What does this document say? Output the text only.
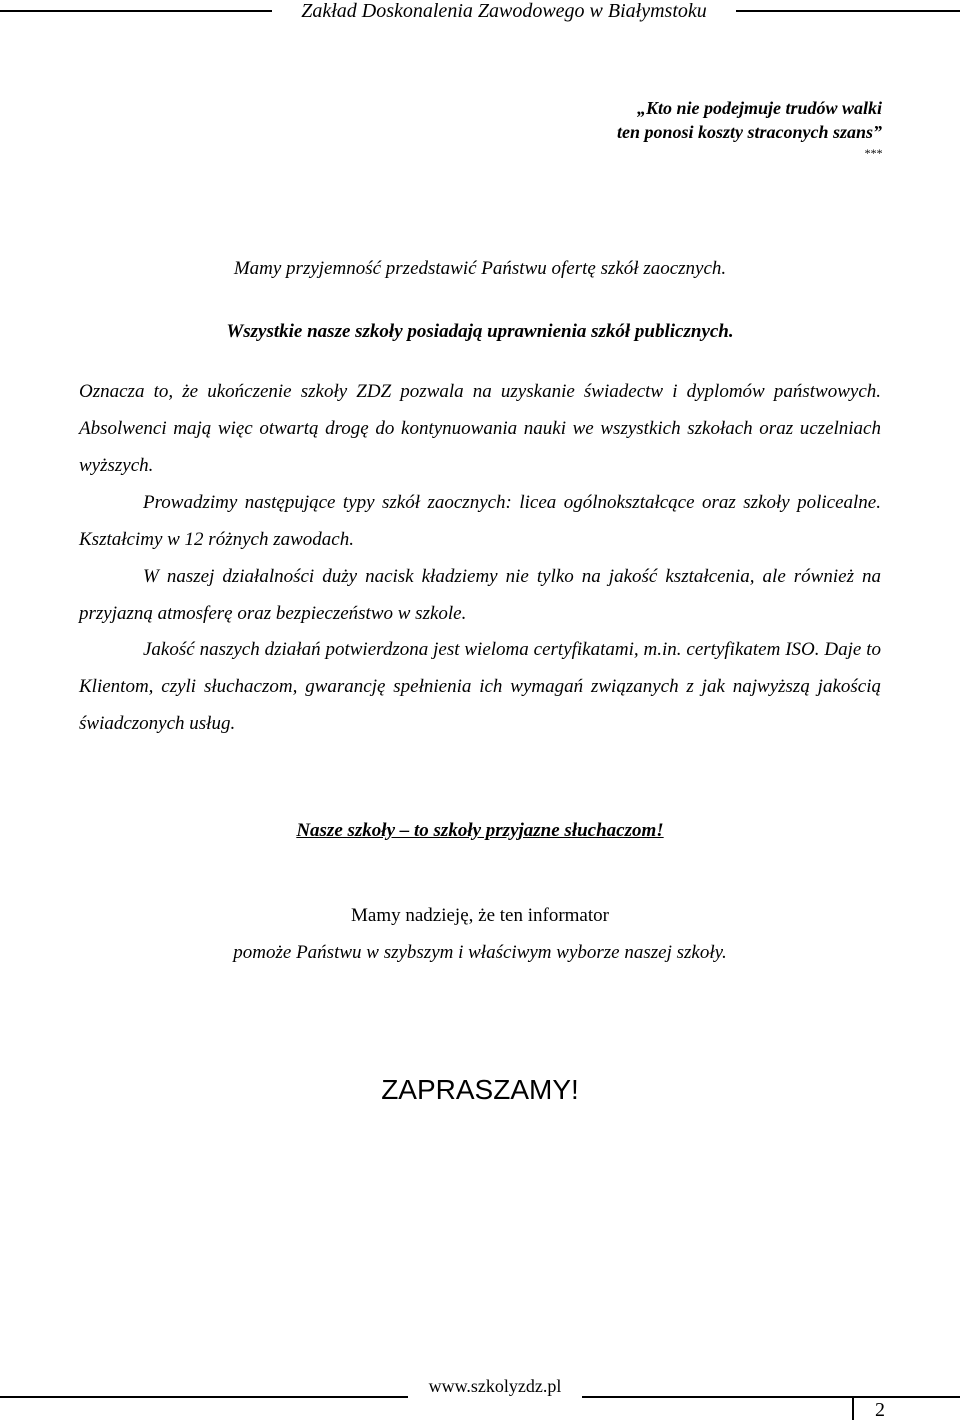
Zakład Doskonalenia Zawodowego w Białymstoku
„Kto nie podejmuje trudów walki
ten ponosi koszty straconych szans”
***
Mamy przyjemność przedstawić Państwu ofertę szkół zaocznych.
Wszystkie nasze szkoły posiadają uprawnienia szkół publicznych.
Oznacza to, że ukończenie szkoły ZDZ pozwala na uzyskanie świadectw i dyplomów państwowych. Absolwenci mają więc otwartą drogę do kontynuowania nauki we wszystkich szkołach oraz uczelniach wyższych.
Prowadzimy następujące typy szkół zaocznych: licea ogólnokształcące oraz szkoły policealne. Kształcimy w 12 różnych zawodach.
W naszej działalności duży nacisk kładziemy nie tylko na jakość kształcenia, ale również na przyjazną atmosferę oraz bezpieczeństwo w szkole.
Jakość naszych działań potwierdzona jest wieloma certyfikatami, m.in. certyfikatem ISO. Daje to Klientom, czyli słuchaczom, gwarancję spełnienia ich wymagań związanych z jak najwyższą jakością świadczonych usług.
Nasze szkoły – to szkoły przyjazne słuchaczom!
Mamy nadzieję, że ten informator
pomoże Państwu w szybszym i właściwym wyborze naszej szkoły.
ZAPRASZAMY!
www.szkolyzdz.pl
2
